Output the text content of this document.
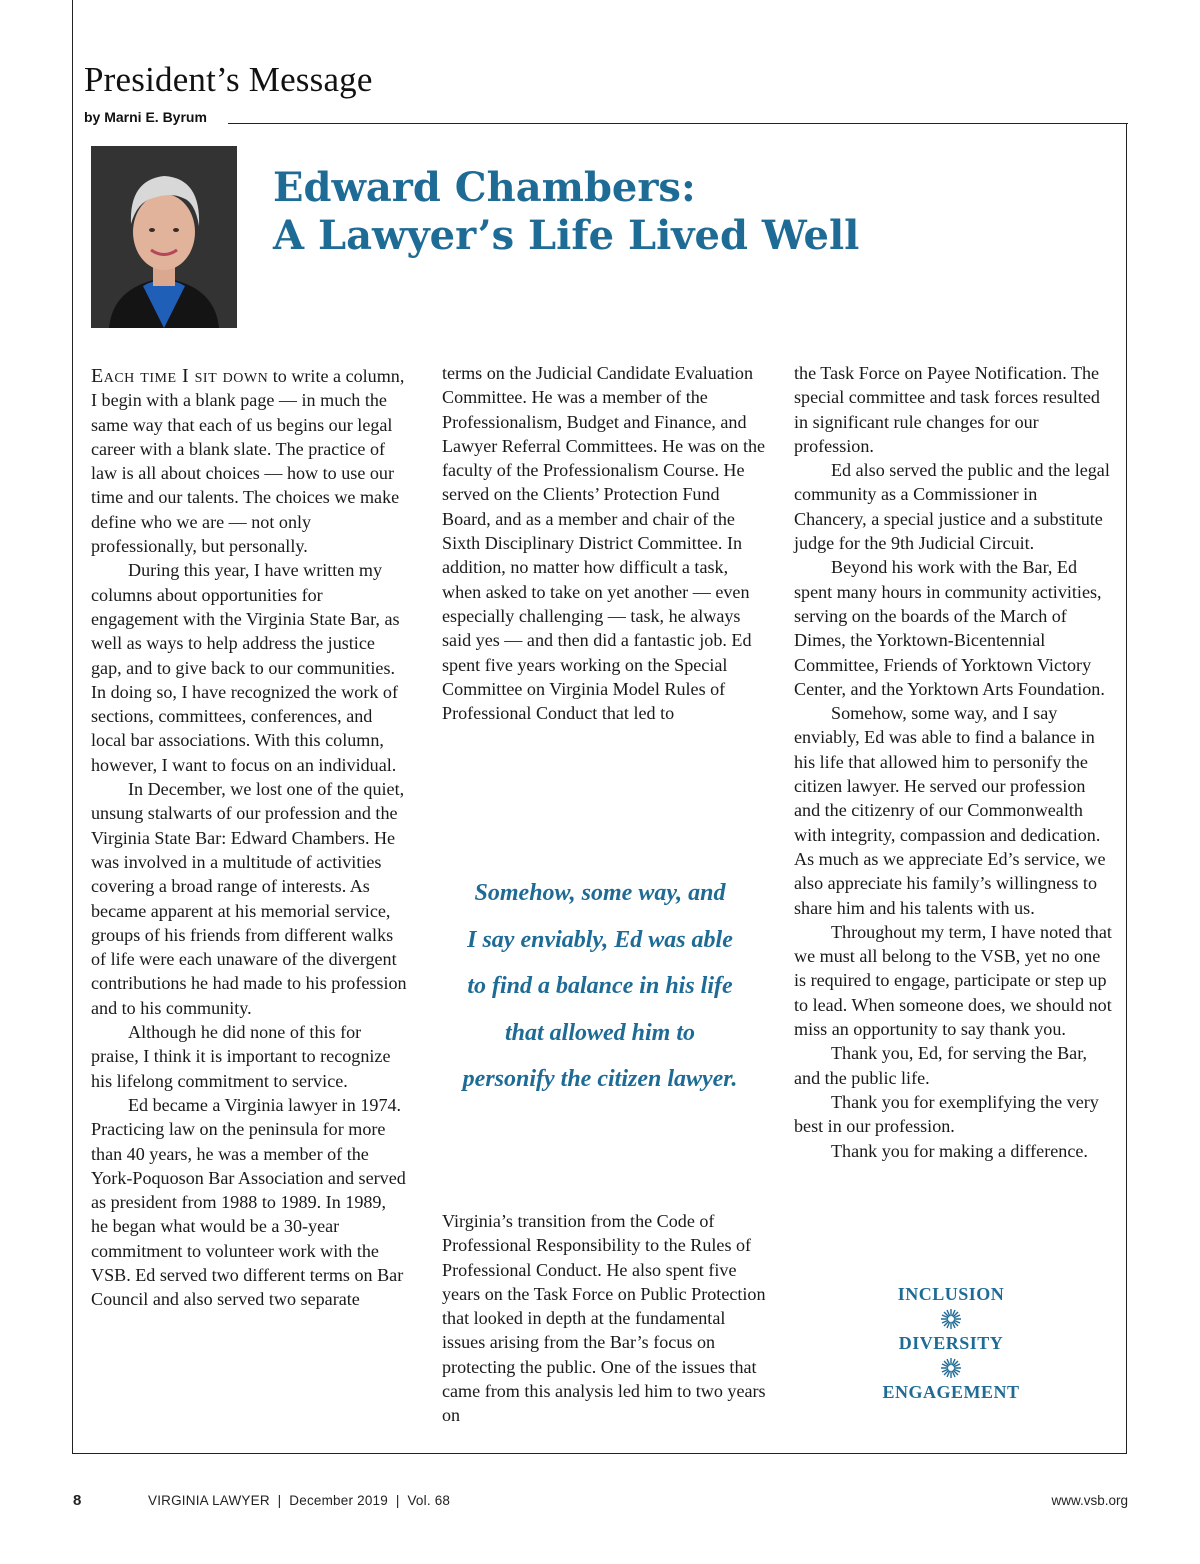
President’s Message
by Marni E. Byrum
Edward Chambers:
A Lawyer’s Life Lived Well

Each time I sit down to write a column, I begin with a blank page — in much the same way that each of us begins our legal career with a blank slate. The practice of law is all about choices — how to use our time and our talents. The choices we make define who we are — not only professionally, but personally.

During this year, I have written my columns about opportunities for engagement with the Virginia State Bar, as well as ways to help address the justice gap, and to give back to our communities. In doing so, I have recognized the work of sections, committees, conferences, and local bar associations. With this column, however, I want to focus on an individual.

In December, we lost one of the quiet, unsung stalwarts of our profession and the Virginia State Bar: Edward Chambers. He was involved in a multitude of activities covering a broad range of interests. As became apparent at his memorial service, groups of his friends from different walks of life were each unaware of the divergent contributions he had made to his profession and to his community.

Although he did none of this for praise, I think it is important to recognize his lifelong commitment to service.

Ed became a Virginia lawyer in 1974. Practicing law on the peninsula for more than 40 years, he was a member of the York-Poquoson Bar Association and served as president from 1988 to 1989. In 1989, he began what would be a 30-year commitment to volunteer work with the VSB. Ed served two different terms on Bar Council and also served two separate

terms on the Judicial Candidate Evaluation Committee. He was a member of the Professionalism, Budget and Finance, and Lawyer Referral Committees. He was on the faculty of the Professionalism Course. He served on the Clients’ Protection Fund Board, and as a member and chair of the Sixth Disciplinary District Committee. In addition, no matter how difficult a task, when asked to take on yet another — even especially challenging — task, he always said yes — and then did a fantastic job. Ed spent five years working on the Special Committee on Virginia Model Rules of Professional Conduct that led to

Somehow, some way, and
I say enviably, Ed was able
to find a balance in his life
that allowed him to
personify the citizen lawyer.

Virginia’s transition from the Code of Professional Responsibility to the Rules of Professional Conduct. He also spent five years on the Task Force on Public Protection that looked in depth at the fundamental issues arising from the Bar’s focus on protecting the public. One of the issues that came from this analysis led him to two years on

the Task Force on Payee Notification. The special committee and task forces resulted in significant rule changes for our profession.

Ed also served the public and the legal community as a Commissioner in Chancery, a special justice and a substitute judge for the 9th Judicial Circuit.

Beyond his work with the Bar, Ed spent many hours in community activities, serving on the boards of the March of Dimes, the Yorktown-Bicentennial Committee, Friends of Yorktown Victory Center, and the Yorktown Arts Foundation.

Somehow, some way, and I say enviably, Ed was able to find a balance in his life that allowed him to personify the citizen lawyer. He served our profession and the citizenry of our Commonwealth with integrity, compassion and dedication. As much as we appreciate Ed’s service, we also appreciate his family’s willingness to share him and his talents with us.

Throughout my term, I have noted that we must all belong to the VSB, yet no one is required to engage, participate or step up to lead. When someone does, we should not miss an opportunity to say thank you.

Thank you, Ed, for serving the Bar, and the public life.

Thank you for exemplifying the very best in our profession.

Thank you for making a difference.

INCLUSION
DIVERSITY
ENGAGEMENT
8	VIRGINIA LAWYER  |  December 2019  |  Vol. 68	www.vsb.org
